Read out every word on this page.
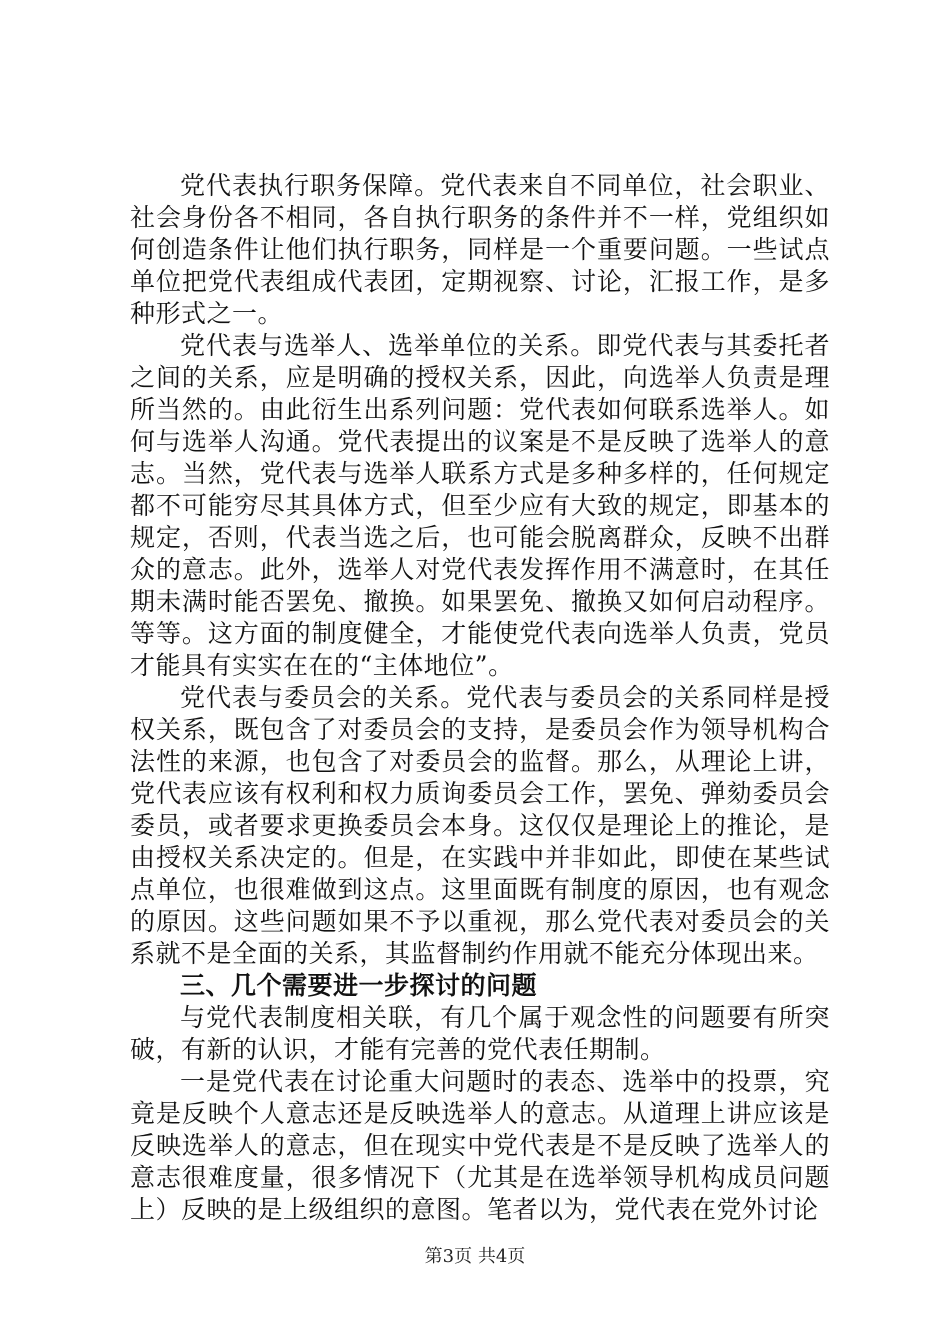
党代表执行职务保障。党代表来自不同单位，社会职业、社会身份各不相同，各自执行职务的条件并不一样，党组织如何创造条件让他们执行职务，同样是一个重要问题。一些试点单位把党代表组成代表团，定期视察、讨论，汇报工作，是多种形式之一。

党代表与选举人、选举单位的关系。即党代表与其委托者之间的关系，应是明确的授权关系，因此，向选举人负责是理所当然的。由此衍生出系列问题：党代表如何联系选举人。如何与选举人沟通。党代表提出的议案是不是反映了选举人的意志。当然，党代表与选举人联系方式是多种多样的，任何规定都不可能穷尽其具体方式，但至少应有大致的规定，即基本的规定，否则，代表当选之后，也可能会脱离群众，反映不出群众的意志。此外，选举人对党代表发挥作用不满意时，在其任期未满时能否罢免、撤换。如果罢免、撤换又如何启动程序。等等。这方面的制度健全，才能使党代表向选举人负责，党员才能具有实实在在的“主体地位”。

党代表与委员会的关系。党代表与委员会的关系同样是授权关系，既包含了对委员会的支持，是委员会作为领导机构合法性的来源，也包含了对委员会的监督。那么，从理论上讲，党代表应该有权利和权力质询委员会工作，罢免、弹劾委员会委员，或者要求更换委员会本身。这仅仅是理论上的推论，是由授权关系决定的。但是，在实践中并非如此，即使在某些试点单位，也很难做到这点。这里面既有制度的原因，也有观念的原因。这些问题如果不予以重视，那么党代表对委员会的关系就不是全面的关系，其监督制约作用就不能充分体现出来。

三、几个需要进一步探讨的问题

与党代表制度相关联，有几个属于观念性的问题要有所突破，有新的认识，才能有完善的党代表任期制。

一是党代表在讨论重大问题时的表态、选举中的投票，究竟是反映个人意志还是反映选举人的意志。从道理上讲应该是反映选举人的意志，但在现实中党代表是不是反映了选举人的意志很难度量，很多情况下（尤其是在选举领导机构成员问题上）反映的是上级组织的意图。笔者以为，党代表在党外讨论

第3页 共4页
